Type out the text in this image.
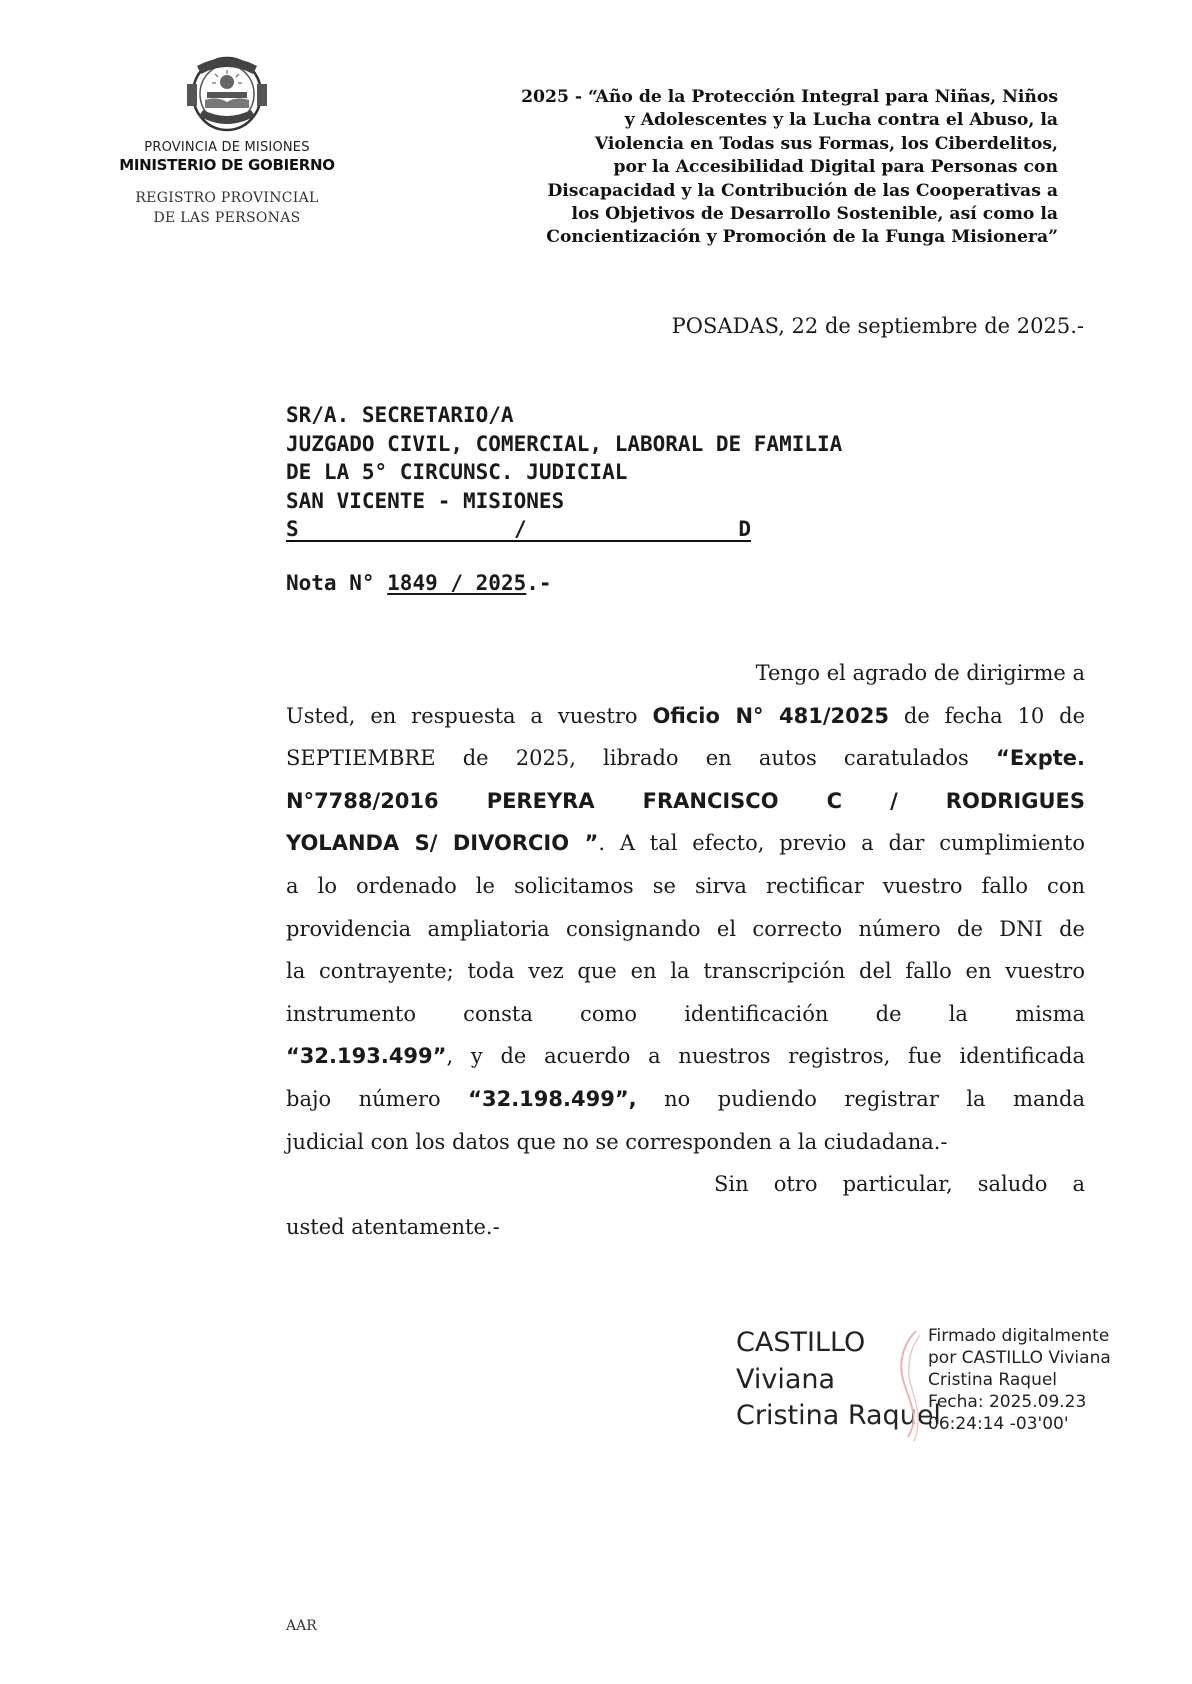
PROVINCIA DE MISIONES
MINISTERIO DE GOBIERNO
REGISTRO PROVINCIAL
DE LAS PERSONAS
2025 - “Año de la Protección Integral para Niñas, Niños
y Adolescentes y la Lucha contra el Abuso, la
Violencia en Todas sus Formas, los Ciberdelitos,
por la Accesibilidad Digital para Personas con
Discapacidad y la Contribución de las Cooperativas a
los Objetivos de Desarrollo Sostenible, así como la
Concientización y Promoción de la Funga Misionera”
POSADAS, 22 de septiembre de 2025.-
SR/A. SECRETARIO/A
JUZGADO CIVIL, COMERCIAL, LABORAL DE FAMILIA
DE LA 5° CIRCUNSC. JUDICIAL
SAN VICENTE - MISIONES
S	/	D
Nota N° 1849 / 2025.-
Tengo el agrado de dirigirme a
Usted, en respuesta a vuestro Oficio N° 481/2025 de fecha 10 de
SEPTIEMBRE de 2025, librado en autos caratulados “Expte.
N°7788/2016 PEREYRA FRANCISCO C / RODRIGUES
YOLANDA S/ DIVORCIO ”. A tal efecto, previo a dar cumplimiento
a lo ordenado le solicitamos se sirva rectificar vuestro fallo con
providencia ampliatoria consignando el correcto número de DNI de
la contrayente; toda vez que en la transcripción del fallo en vuestro
instrumento consta como identificación de la misma
“32.193.499”, y de acuerdo a nuestros registros, fue identificada
bajo número “32.198.499”, no pudiendo registrar la manda
judicial con los datos que no se corresponden a la ciudadana.-
Sin otro particular, saludo a
usted atentamente.-
CASTILLO
Viviana
Cristina Raquel
Firmado digitalmente
por CASTILLO Viviana
Cristina Raquel
Fecha: 2025.09.23
06:24:14 -03'00'
AAR
